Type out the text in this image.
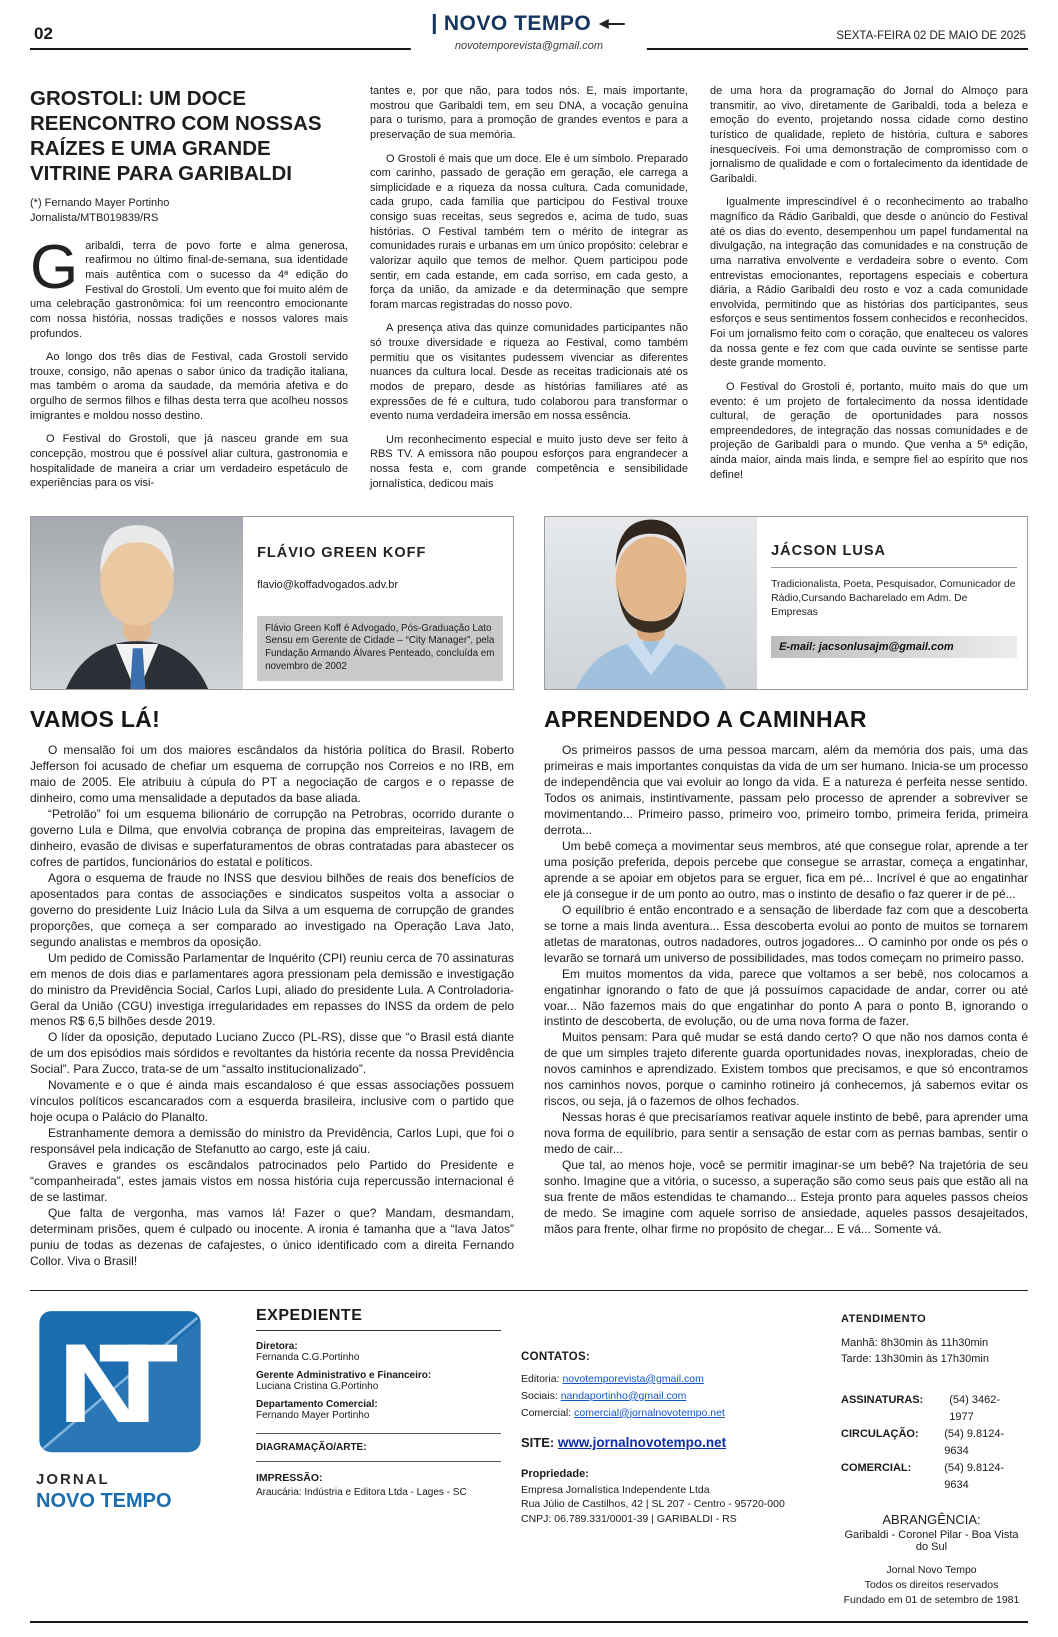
02	NOVO TEMPO
novotemporevista@gmail.com
SEXTA-FEIRA 02 DE MAIO DE 2025
GROSTOLI: UM DOCE REENCONTRO COM NOSSAS RAÍZES E UMA GRANDE VITRINE PARA GARIBALDI
(*) Fernando Mayer Portinho
Jornalista/MTB019839/RS

Garibaldi, terra de povo forte e alma generosa, reafirmou no último final-de-semana, sua identidade mais autêntica com o sucesso da 4ª edição do Festival do Grostoli. Um evento que foi muito além de uma celebração gastronômica: foi um reencontro emocionante com nossa história, nossas tradições e nossos valores mais profundos.

Ao longo dos três dias de Festival, cada Grostoli servido trouxe, consigo, não apenas o sabor único da tradição italiana, mas também o aroma da saudade, da memória afetiva e do orgulho de sermos filhos e filhas desta terra que acolheu nossos imigrantes e moldou nosso destino.

O Festival do Grostoli, que já nasceu grande em sua concepção, mostrou que é possível aliar cultura, gastronomia e hospitalidade de maneira a criar um verdadeiro espetáculo de experiências para os visi-

tantes e, por que não, para todos nós. E, mais importante, mostrou que Garibaldi tem, em seu DNA, a vocação genuína para o turismo, para a promoção de grandes eventos e para a preservação de sua memória.

O Grostoli é mais que um doce. Ele é um símbolo. Preparado com carinho, passado de geração em geração, ele carrega a simplicidade e a riqueza da nossa cultura. Cada comunidade, cada grupo, cada família que participou do Festival trouxe consigo suas receitas, seus segredos e, acima de tudo, suas histórias. O Festival também tem o mérito de integrar as comunidades rurais e urbanas em um único propósito: celebrar e valorizar aquilo que temos de melhor. Quem participou pode sentir, em cada estande, em cada sorriso, em cada gesto, a força da união, da amizade e da determinação que sempre foram marcas registradas do nosso povo.

A presença ativa das quinze comunidades participantes não só trouxe diversidade e riqueza ao Festival, como também permitiu que os visitantes pudessem vivenciar as diferentes nuances da cultura local. Desde as receitas tradicionais até os modos de preparo, desde as histórias familiares até as expressões de fé e cultura, tudo colaborou para transformar o evento numa verdadeira imersão em nossa essência.

Um reconhecimento especial e muito justo deve ser feito à RBS TV. A emissora não poupou esforços para engrandecer a nossa festa e, com grande competência e sensibilidade jornalística, dedicou mais

de uma hora da programação do Jornal do Almoço para transmitir, ao vivo, diretamente de Garibaldi, toda a beleza e emoção do evento, projetando nossa cidade como destino turístico de qualidade, repleto de história, cultura e sabores inesquecíveis. Foi uma demonstração de compromisso com o jornalismo de qualidade e com o fortalecimento da identidade de Garibaldi.

Igualmente imprescindível é o reconhecimento ao trabalho magnífico da Rádio Garibaldi, que desde o anúncio do Festival até os dias do evento, desempenhou um papel fundamental na divulgação, na integração das comunidades e na construção de uma narrativa envolvente e verdadeira sobre o evento. Com entrevistas emocionantes, reportagens especiais e cobertura diária, a Rádio Garibaldi deu rosto e voz a cada comunidade envolvida, permitindo que as histórias dos participantes, seus esforços e seus sentimentos fossem conhecidos e reconhecidos. Foi um jornalismo feito com o coração, que enalteceu os valores da nossa gente e fez com que cada ouvinte se sentisse parte deste grande momento.

O Festival do Grostoli é, portanto, muito mais do que um evento: é um projeto de fortalecimento da nossa identidade cultural, de geração de oportunidades para nossos empreendedores, de integração das nossas comunidades e de projeção de Garibaldi para o mundo. Que venha a 5ª edição, ainda maior, ainda mais linda, e sempre fiel ao espírito que nos define!

FLÁVIO GREEN KOFF
flavio@koffadvogados.adv.br
Flávio Green Koff é Advogado, Pós-Graduação Lato Sensu em Gerente de Cidade – “City Manager”, pela Fundação Armando Álvares Penteado, concluída em novembro de 2002
VAMOS LÁ!

O mensalão foi um dos maiores escândalos da história política do Brasil. Roberto Jefferson foi acusado de chefiar um esquema de corrupção nos Correios e no IRB, em maio de 2005. Ele atribuiu à cúpula do PT a negociação de cargos e o repasse de dinheiro, como uma mensalidade a deputados da base aliada.

“Petrolão” foi um esquema bilionário de corrupção na Petrobras, ocorrido durante o governo Lula e Dilma, que envolvia cobrança de propina das empreiteiras, lavagem de dinheiro, evasão de divisas e superfaturamentos de obras contratadas para abastecer os cofres de partidos, funcionários do estatal e políticos.

Agora o esquema de fraude no INSS que desviou bilhões de reais dos benefícios de aposentados para contas de associações e sindicatos suspeitos volta a associar o governo do presidente Luiz Inácio Lula da Silva a um esquema de corrupção de grandes proporções, que começa a ser comparado ao investigado na Operação Lava Jato, segundo analistas e membros da oposição.

Um pedido de Comissão Parlamentar de Inquérito (CPI) reuniu cerca de 70 assinaturas em menos de dois dias e parlamentares agora pressionam pela demissão e investigação do ministro da Previdência Social, Carlos Lupi, aliado do presidente Lula. A Controladoria-Geral da União (CGU) investiga irregularidades em repasses do INSS da ordem de pelo menos R$ 6,5 bilhões desde 2019.

O líder da oposição, deputado Luciano Zucco (PL-RS), disse que “o Brasil está diante de um dos episódios mais sórdidos e revoltantes da história recente da nossa Previdência Social”. Para Zucco, trata-se de um “assalto institucionalizado”.

Novamente e o que é ainda mais escandaloso é que essas associações possuem vínculos políticos escancarados com a esquerda brasileira, inclusive com o partido que hoje ocupa o Palácio do Planalto.

Estranhamente demora a demissão do ministro da Previdência, Carlos Lupi, que foi o responsável pela indicação de Stefanutto ao cargo, este já caiu.

Graves e grandes os escândalos patrocinados pelo Partido do Presidente e “companheirada”, estes jamais vistos em nossa história cuja repercussão internacional é de se lastimar.

Que falta de vergonha, mas vamos lá! Fazer o que? Mandam, desmandam, determinam prisões, quem é culpado ou inocente. A ironia é tamanha que a “lava Jatos” puniu de todas as dezenas de cafajestes, o único identificado com a direita Fernando Collor. Viva o Brasil!

JÁCSON LUSA
Tradicionalista, Poeta, Pesquisador, Comunicador de Rádio,Cursando Bacharelado em Adm. De Empresas
E-mail: jacsonlusajm@gmail.com
APRENDENDO A CAMINHAR

Os primeiros passos de uma pessoa marcam, além da memória dos pais, uma das primeiras e mais importantes conquistas da vida de um ser humano. Inicia-se um processo de independência que vai evoluir ao longo da vida. E a natureza é perfeita nesse sentido. Todos os animais, instintivamente, passam pelo processo de aprender a sobreviver se movimentando... Primeiro passo, primeiro voo, primeiro tombo, primeira ferida, primeira derrota...

Um bebê começa a movimentar seus membros, até que consegue rolar, aprende a ter uma posição preferida, depois percebe que consegue se arrastar, começa a engatinhar, aprende a se apoiar em objetos para se erguer, fica em pé... Incrível é que ao engatinhar ele já consegue ir de um ponto ao outro, mas o instinto de desafio o faz querer ir de pé...

O equilíbrio é então encontrado e a sensação de liberdade faz com que a descoberta se torne a mais linda aventura... Essa descoberta evolui ao ponto de muitos se tornarem atletas de maratonas, outros nadadores, outros jogadores... O caminho por onde os pés o levarão se tornará um universo de possibilidades, mas todos começam no primeiro passo.

Em muitos momentos da vida, parece que voltamos a ser bebê, nos colocamos a engatinhar ignorando o fato de que já possuímos capacidade de andar, correr ou até voar... Não fazemos mais do que engatinhar do ponto A para o ponto B, ignorando o instinto de descoberta, de evolução, ou de uma nova forma de fazer.

Muitos pensam: Para quê mudar se está dando certo? O que não nos damos conta é de que um simples trajeto diferente guarda oportunidades novas, inexploradas, cheio de novos caminhos e aprendizado. Existem tombos que precisamos, e que só encontramos nos caminhos novos, porque o caminho rotineiro já conhecemos, já sabemos evitar os riscos, ou seja, já o fazemos de olhos fechados.

Nessas horas é que precisaríamos reativar aquele instinto de bebê, para aprender uma nova forma de equilíbrio, para sentir a sensação de estar com as pernas bambas, sentir o medo de cair...

Que tal, ao menos hoje, você se permitir imaginar-se um bebê? Na trajetória de seu sonho. Imagine que a vitória, o sucesso, a superação são como seus pais que estão ali na sua frente de mãos estendidas te chamando... Esteja pronto para aqueles passos cheios de medo. Se imagine com aquele sorriso de ansiedade, aqueles passos desajeitados, mãos para frente, olhar firme no propósito de chegar... E vá... Somente vá.

JORNAL
NOVO TEMPO
EXPEDIENTE
Diretora:
Fernanda C.G.Portinho
Gerente Administrativo e Financeiro:
Luciana Cristina G.Portinho
Departamento Comercial:
Fernando Mayer Portinho
DIAGRAMAÇÃO/ARTE:
IMPRESSÃO:
Araucária: Indústria e Editora Ltda - Lages - SC
CONTATOS:
Editoria: novotemporevista@gmail.com
Sociais: nandaportinho@gmail.com
Comercial: comercial@jornalnovotempo.net
SITE: www.jornalnovotempo.net
Propriedade:
Empresa Jornalística Independente Ltda
Rua Júlio de Castilhos, 42 | SL 207 - Centro - 95720-000
CNPJ: 06.789.331/0001-39 | GARIBALDI - RS
ATENDIMENTO
Manhã: 8h30min às 11h30min
Tarde: 13h30min às 17h30min
ASSINATURAS:	(54) 3462-1977
CIRCULAÇÃO:	(54) 9.8124-9634
COMERCIAL:	(54) 9.8124-9634
ABRANGÊNCIA:
Garibaldi - Coronel Pilar - Boa Vista do Sul
Jornal Novo Tempo
Todos os direitos reservados
Fundado em 01 de setembro de 1981
